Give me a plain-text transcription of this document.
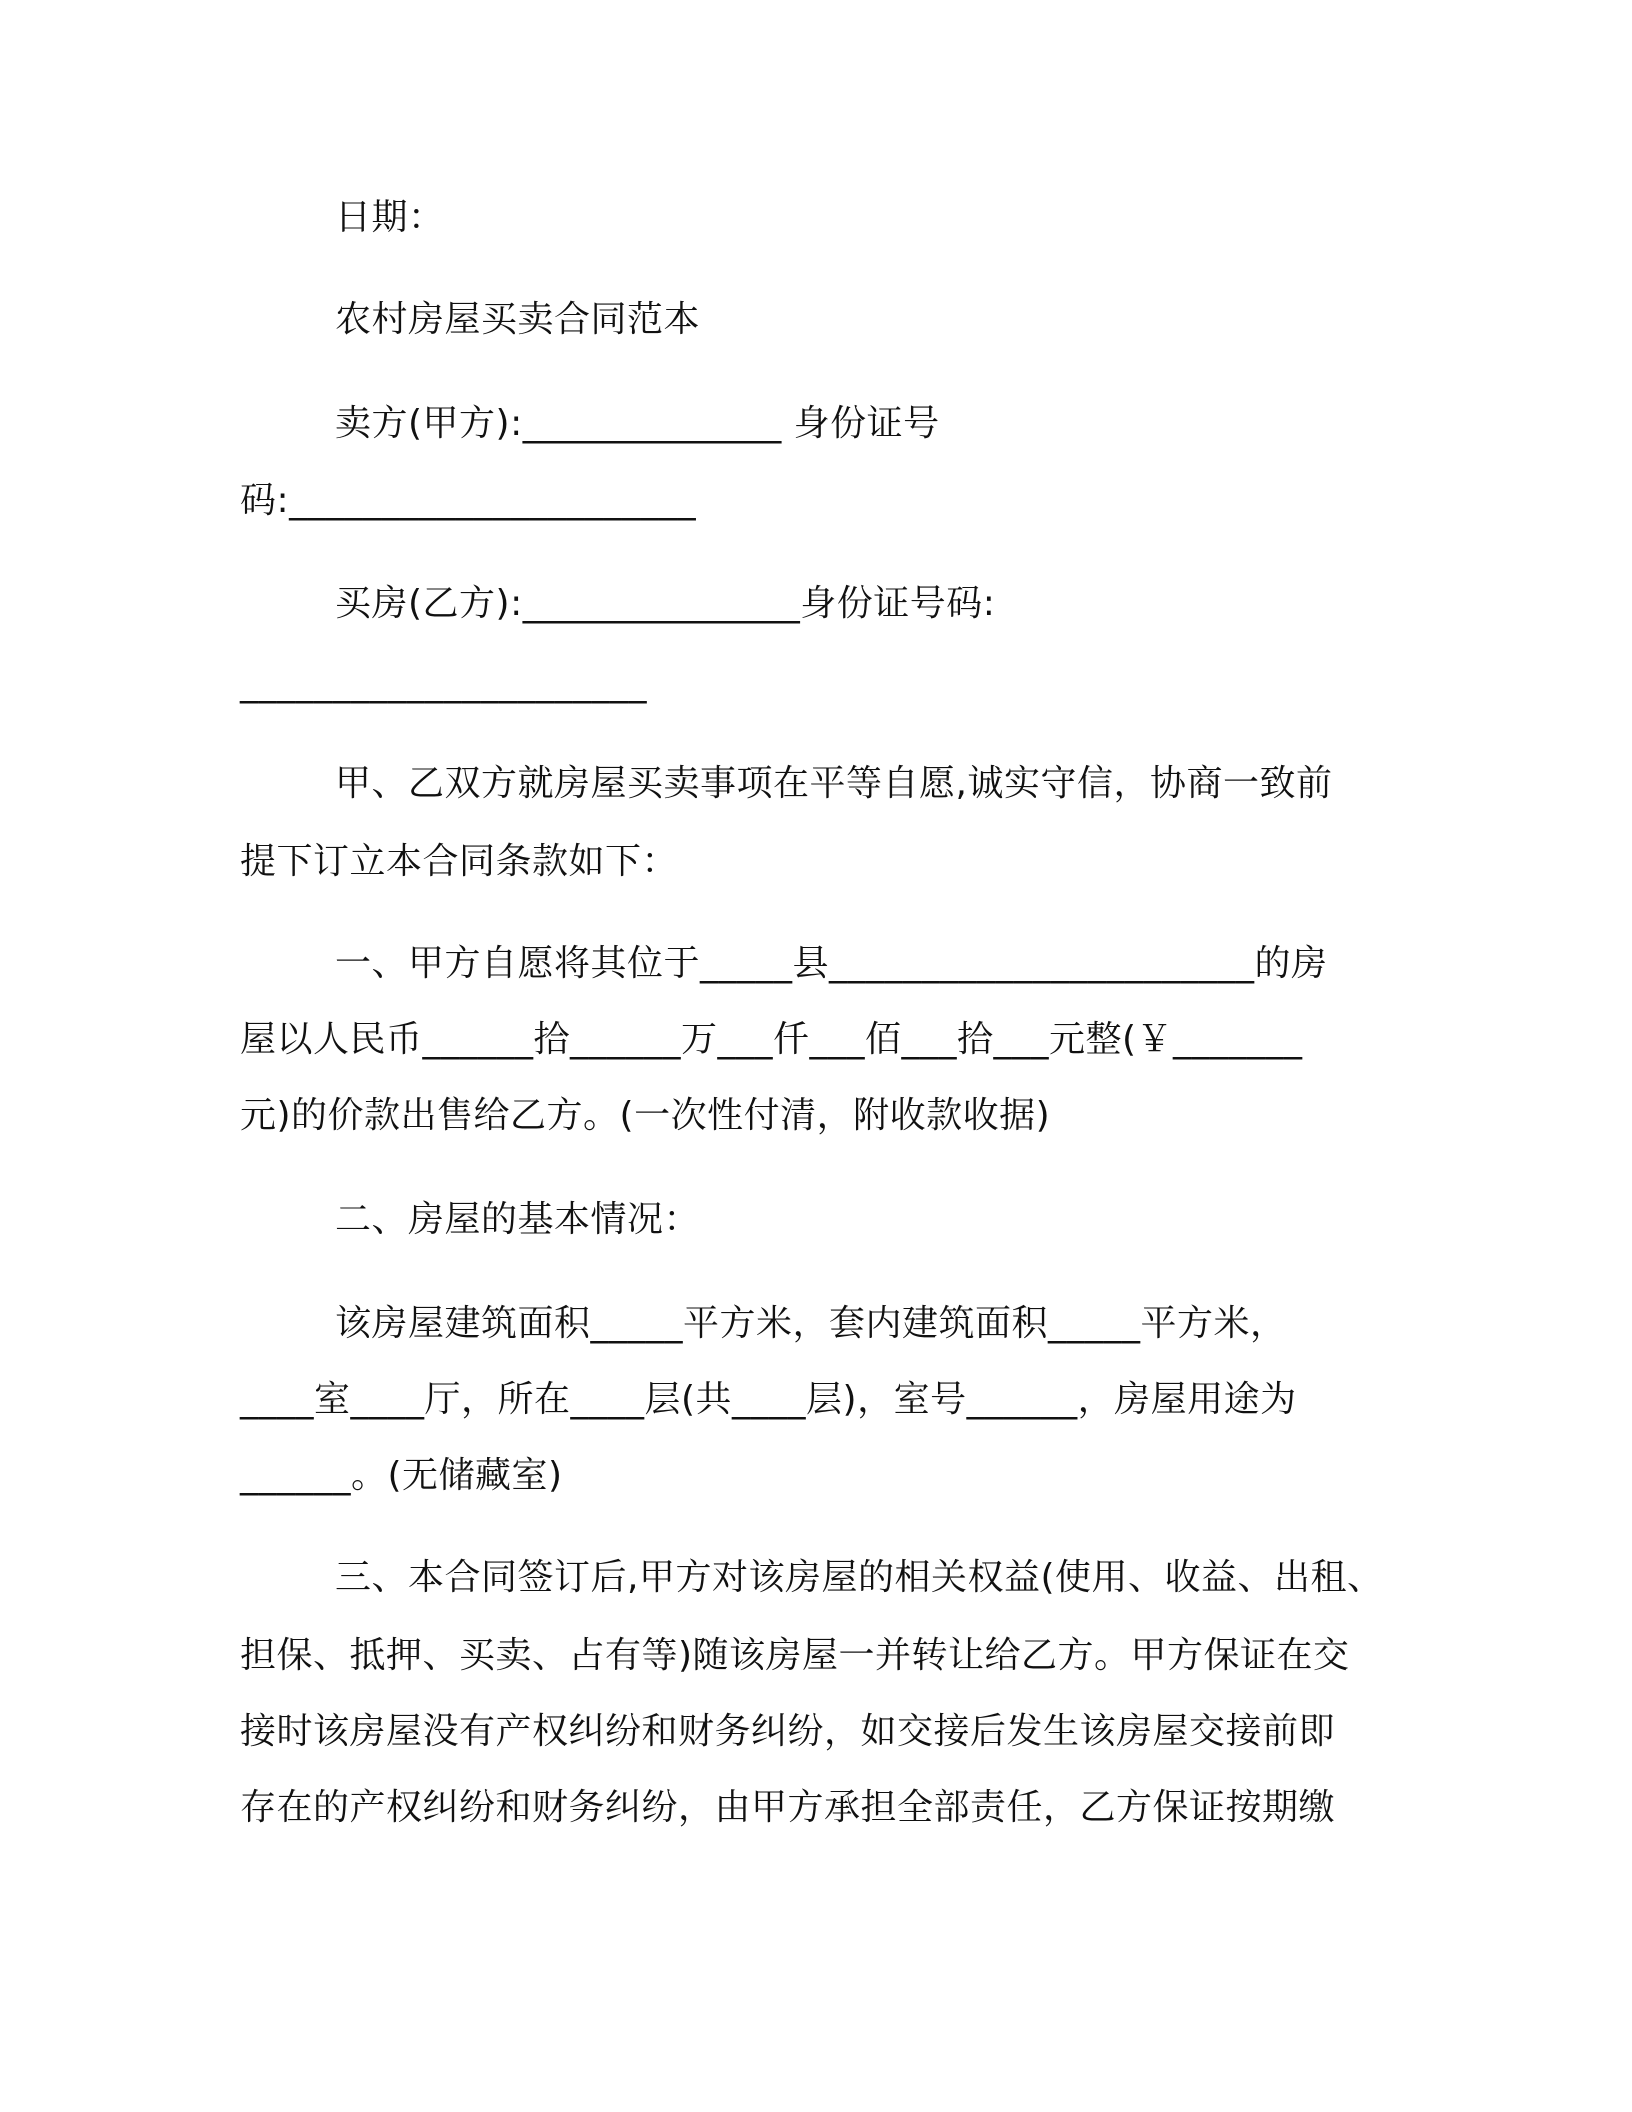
日期：
农村房屋买卖合同范本
卖方(甲方):______________ 身份证号
码:______________________
买房(乙方):_______________身份证号码:
______________________
甲、乙双方就房屋买卖事项在平等自愿,诚实守信，协商一致前
提下订立本合同条款如下：
一、甲方自愿将其位于_____县_______________________的房
屋以人民币______拾______万___仟___佰___拾___元整(￥_______
元)的价款出售给乙方。(一次性付清，附收款收据)
二、房屋的基本情况：
该房屋建筑面积_____平方米，套内建筑面积_____平方米，
____室____厅，所在____层(共____层)，室号______，房屋用途为
______。(无储藏室)
三、本合同签订后,甲方对该房屋的相关权益(使用、收益、出租、
担保、抵押、买卖、占有等)随该房屋一并转让给乙方。甲方保证在交
接时该房屋没有产权纠纷和财务纠纷，如交接后发生该房屋交接前即
存在的产权纠纷和财务纠纷，由甲方承担全部责任，乙方保证按期缴
